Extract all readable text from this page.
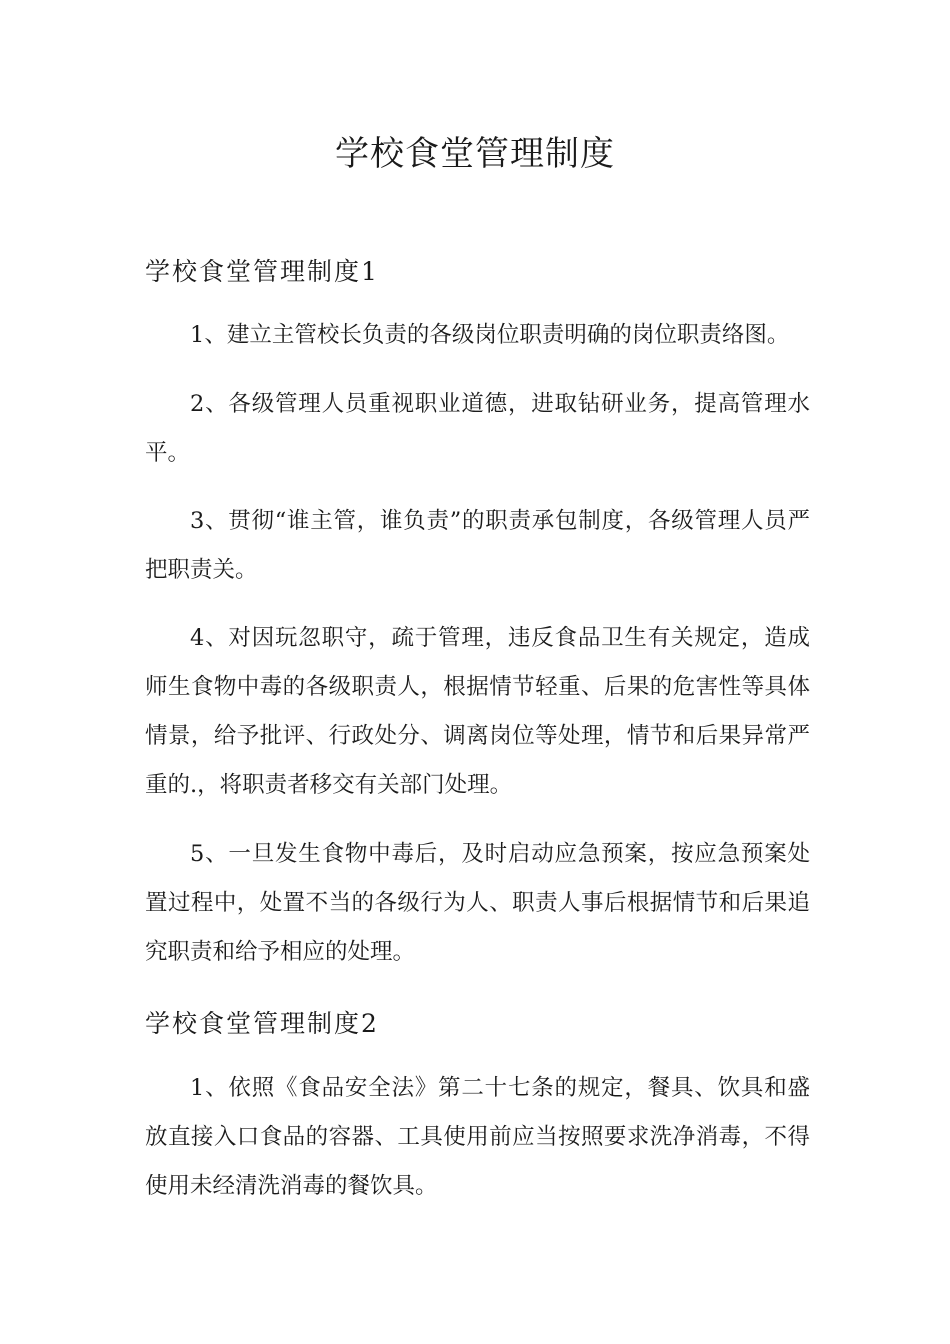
学校食堂管理制度
学校食堂管理制度1

1、建立主管校长负责的各级岗位职责明确的岗位职责络图。

2、各级管理人员重视职业道德，进取钻研业务，提高管理水平。

3、贯彻“谁主管，谁负责”的职责承包制度，各级管理人员严把职责关。

4、对因玩忽职守，疏于管理，违反食品卫生有关规定，造成师生食物中毒的各级职责人，根据情节轻重、后果的危害性等具体情景，给予批评、行政处分、调离岗位等处理，情节和后果异常严重的.，将职责者移交有关部门处理。

5、一旦发生食物中毒后，及时启动应急预案，按应急预案处置过程中，处置不当的各级行为人、职责人事后根据情节和后果追究职责和给予相应的处理。

学校食堂管理制度2

1、依照《食品安全法》第二十七条的规定，餐具、饮具和盛放直接入口食品的容器、工具使用前应当按照要求洗净消毒，不得使用未经清洗消毒的餐饮具。
